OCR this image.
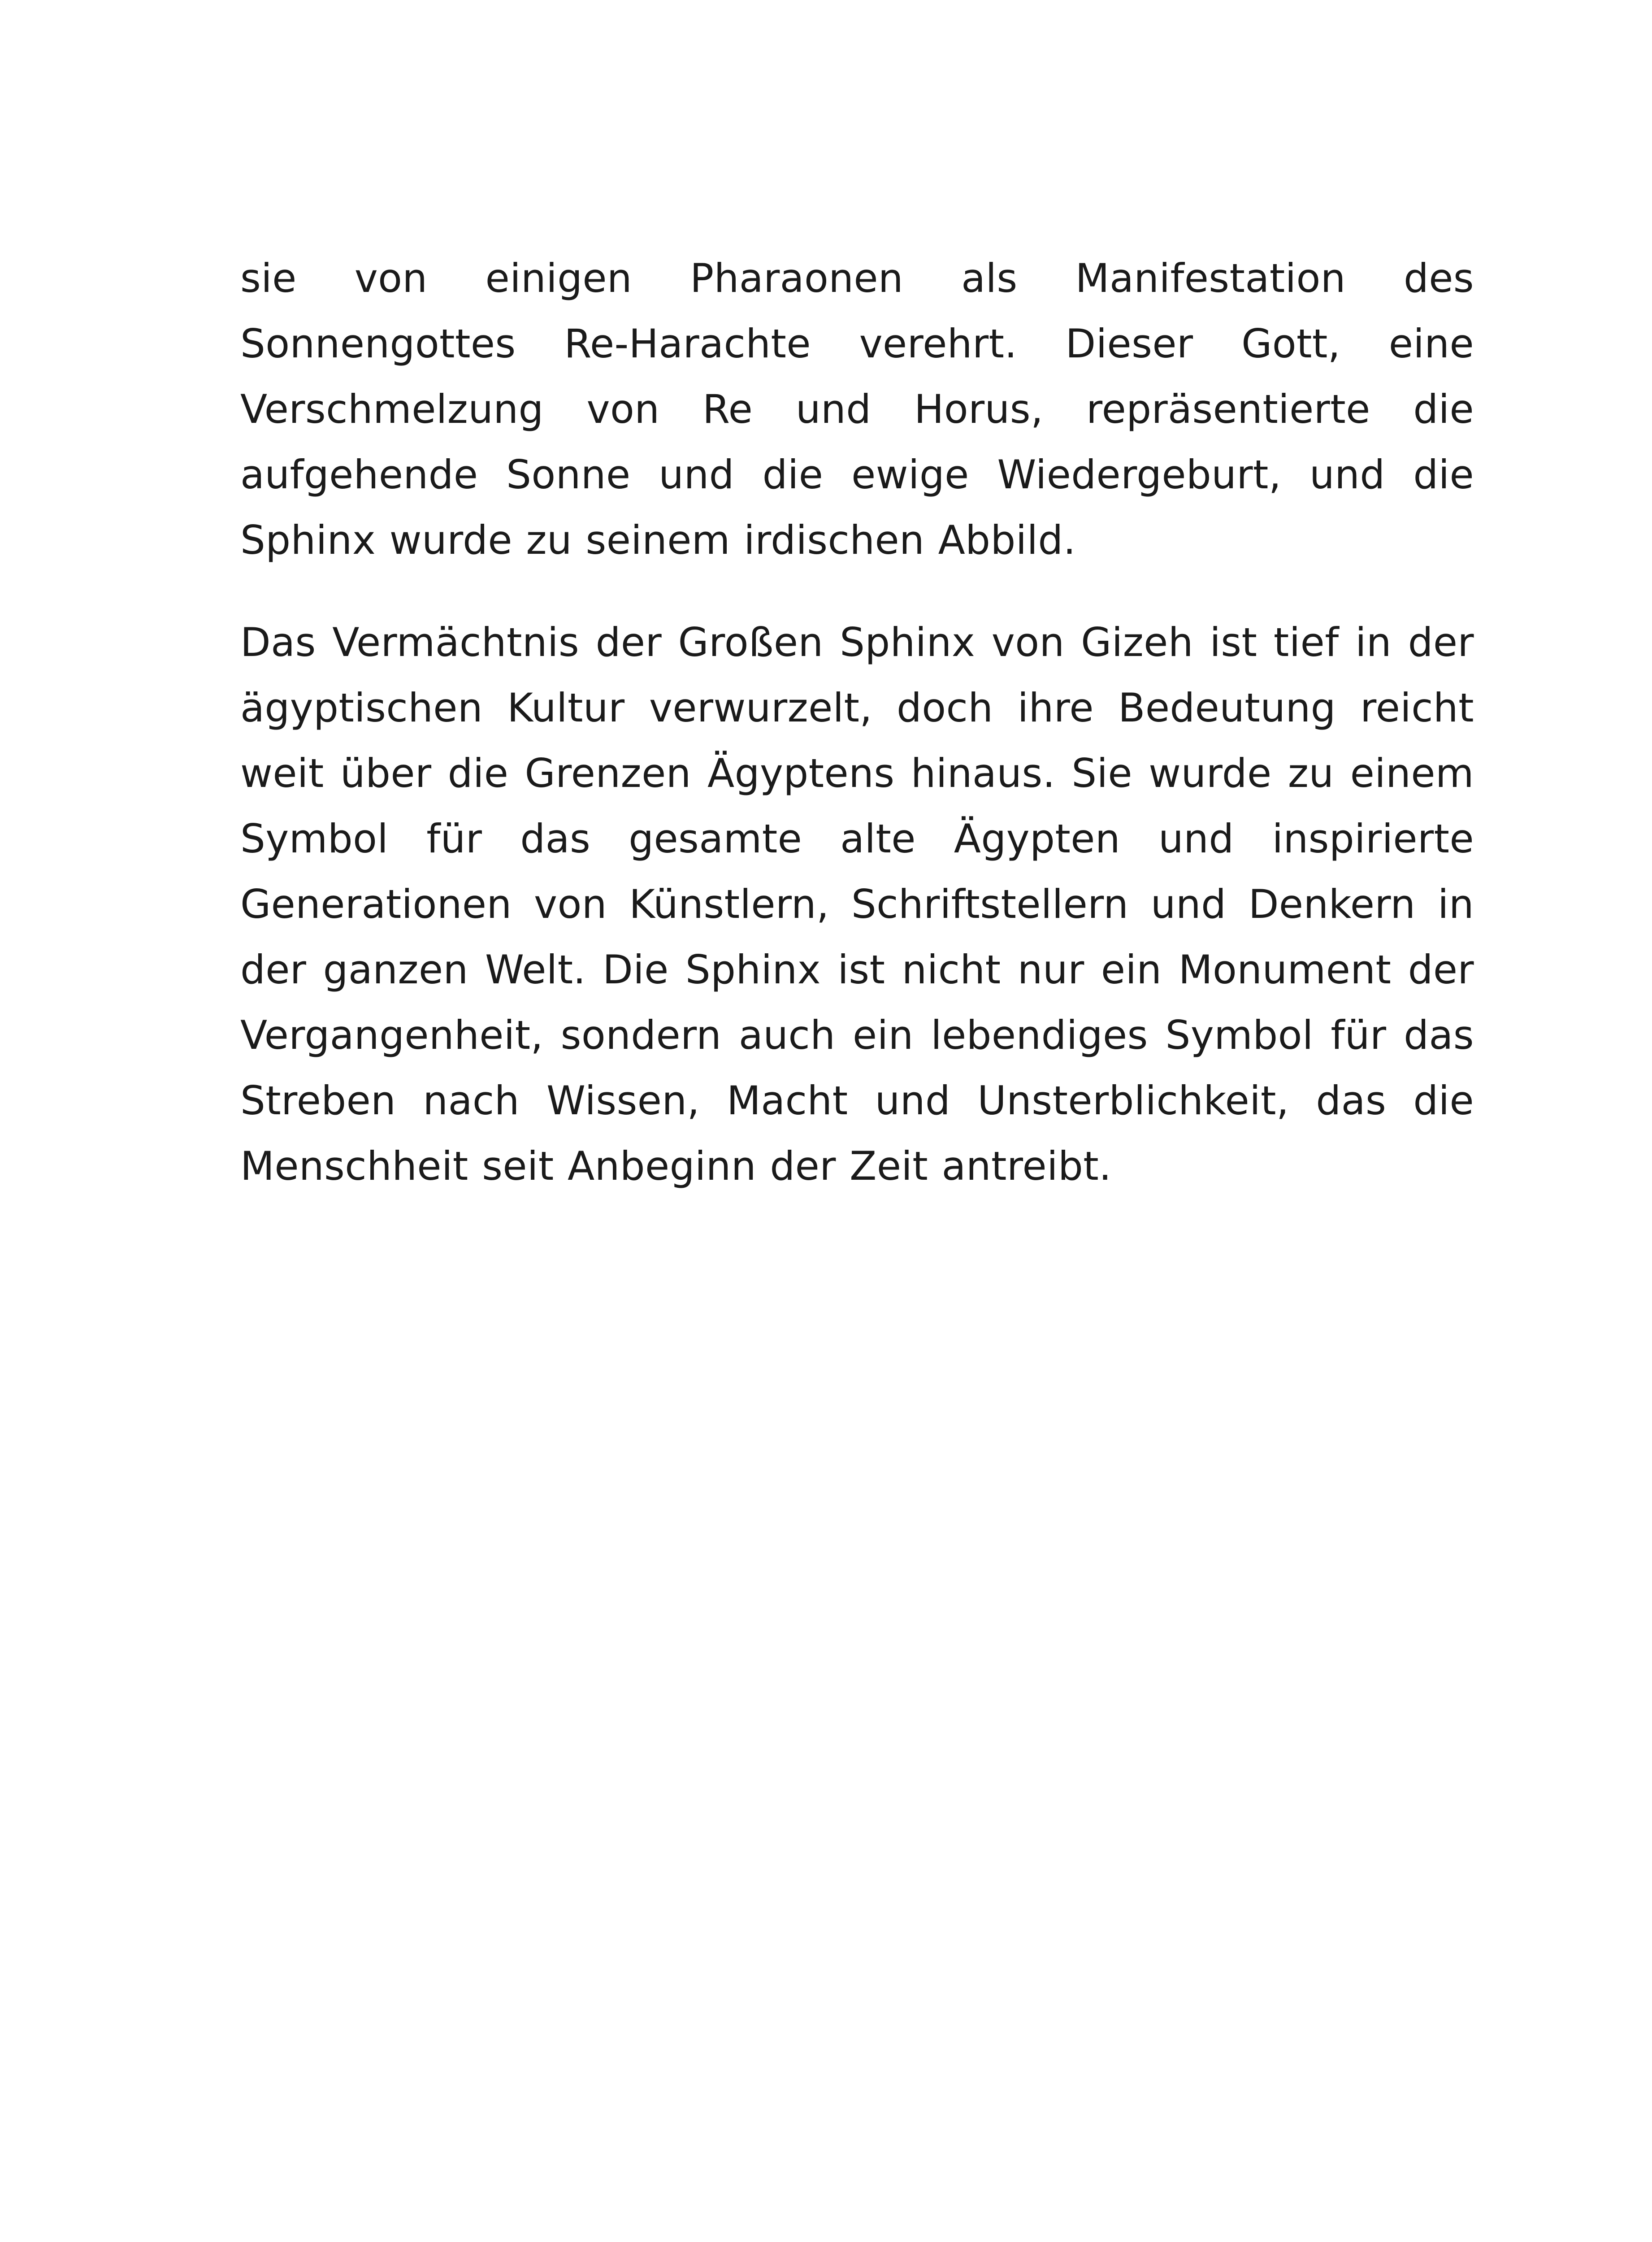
sie von einigen Pharaonen als Manifestation des Sonnengottes Re-Harachte verehrt. Dieser Gott, eine Verschmelzung von Re und Horus, repräsentierte die aufgehende Sonne und die ewige Wiedergeburt, und die Sphinx wurde zu seinem irdischen Abbild.

Das Vermächtnis der Großen Sphinx von Gizeh ist tief in der ägyptischen Kultur verwurzelt, doch ihre Bedeutung reicht weit über die Grenzen Ägyptens hinaus. Sie wurde zu einem Symbol für das gesamte alte Ägypten und inspirierte Generationen von Künstlern, Schriftstellern und Denkern in der ganzen Welt. Die Sphinx ist nicht nur ein Monument der Vergangenheit, sondern auch ein lebendiges Symbol für das Streben nach Wissen, Macht und Unsterblichkeit, das die Menschheit seit Anbeginn der Zeit antreibt.
